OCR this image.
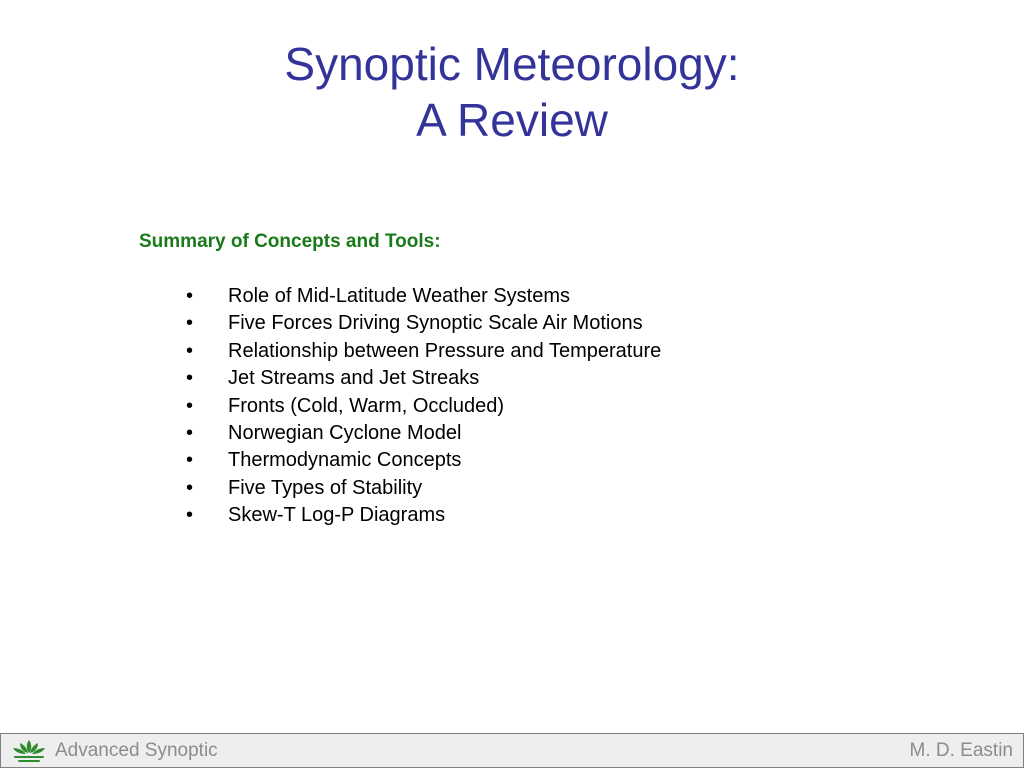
Synoptic Meteorology:
A Review

Summary of Concepts and Tools:

•	Role of Mid-Latitude Weather Systems
•	Five Forces Driving Synoptic Scale Air Motions
•	Relationship between Pressure and Temperature
•	Jet Streams and Jet Streaks
•	Fronts (Cold, Warm, Occluded)
•	Norwegian Cyclone Model
•	Thermodynamic Concepts
•	Five Types of Stability
•	Skew-T Log-P Diagrams
Advanced Synoptic	M. D. Eastin
